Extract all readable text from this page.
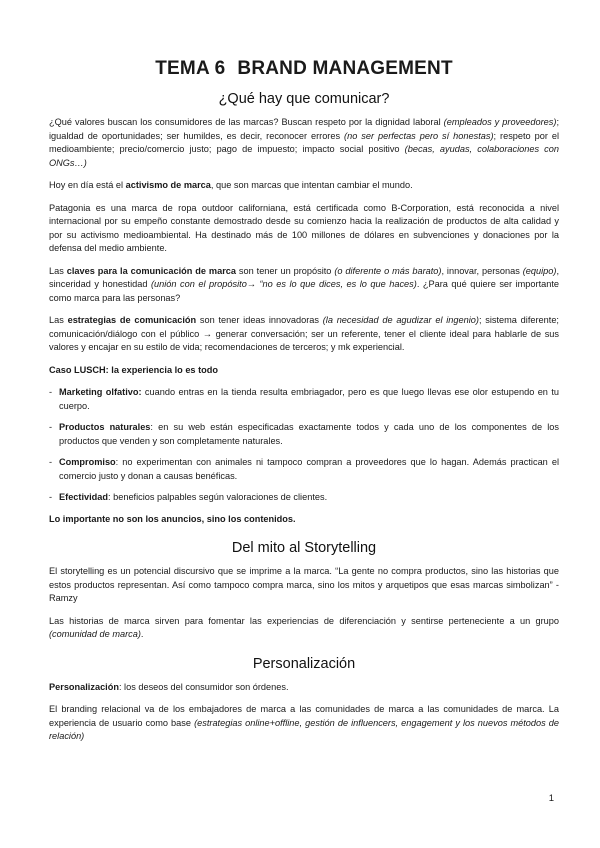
TEMA 6 BRAND MANAGEMENT
¿Qué hay que comunicar?

¿Qué valores buscan los consumidores de las marcas? Buscan respeto por la dignidad laboral (empleados y proveedores); igualdad de oportunidades; ser humildes, es decir, reconocer errores (no ser perfectas pero sí honestas); respeto por el medioambiente; precio/comercio justo; pago de impuesto; impacto social positivo (becas, ayudas, colaboraciones con ONGs…)

Hoy en día está el activismo de marca, que son marcas que intentan cambiar el mundo.

Patagonia es una marca de ropa outdoor californiana, está certificada como B-Corporation, está reconocida a nivel internacional por su empeño constante demostrado desde su comienzo hacia la realización de productos de alta calidad y por su activismo medioambiental. Ha destinado más de 100 millones de dólares en subvenciones y donaciones por la defensa del medio ambiente.

Las claves para la comunicación de marca son tener un propósito (o diferente o más barato), innovar, personas (equipo), sinceridad y honestidad (unión con el propósito→ “no es lo que dices, es lo que haces). ¿Para qué quiere ser importante como marca para las personas?

Las estrategias de comunicación son tener ideas innovadoras (la necesidad de agudizar el ingenio); sistema diferente; comunicación/diálogo con el público → generar conversación; ser un referente, tener el cliente ideal para hablarle de sus valores y encajar en su estilo de vida; recomendaciones de terceros; y mk experiencial.

Caso LUSCH: la experiencia lo es todo

- Marketing olfativo: cuando entras en la tienda resulta embriagador, pero es que luego llevas ese olor estupendo en tu cuerpo.
- Productos naturales: en su web están especificadas exactamente todos y cada uno de los componentes de los productos que venden y son completamente naturales.
- Compromiso: no experimentan con animales ni tampoco compran a proveedores que lo hagan. Además practican el comercio justo y donan a causas benéficas.
- Efectividad: beneficios palpables según valoraciones de clientes.

Lo importante no son los anuncios, sino los contenidos.

Del mito al Storytelling

El storytelling es un potencial discursivo que se imprime a la marca. “La gente no compra productos, sino las historias que estos productos representan. Así como tampoco compra marca, sino los mitos y arquetipos que esas marcas simbolizan” - Ramzy

Las historias de marca sirven para fomentar las experiencias de diferenciación y sentirse perteneciente a un grupo (comunidad de marca).

Personalización

Personalización: los deseos del consumidor son órdenes.

El branding relacional va de los embajadores de marca a las comunidades de marca a las comunidades de marca. La experiencia de usuario como base (estrategias online+offline, gestión de influencers, engagement y los nuevos métodos de relación)

1
